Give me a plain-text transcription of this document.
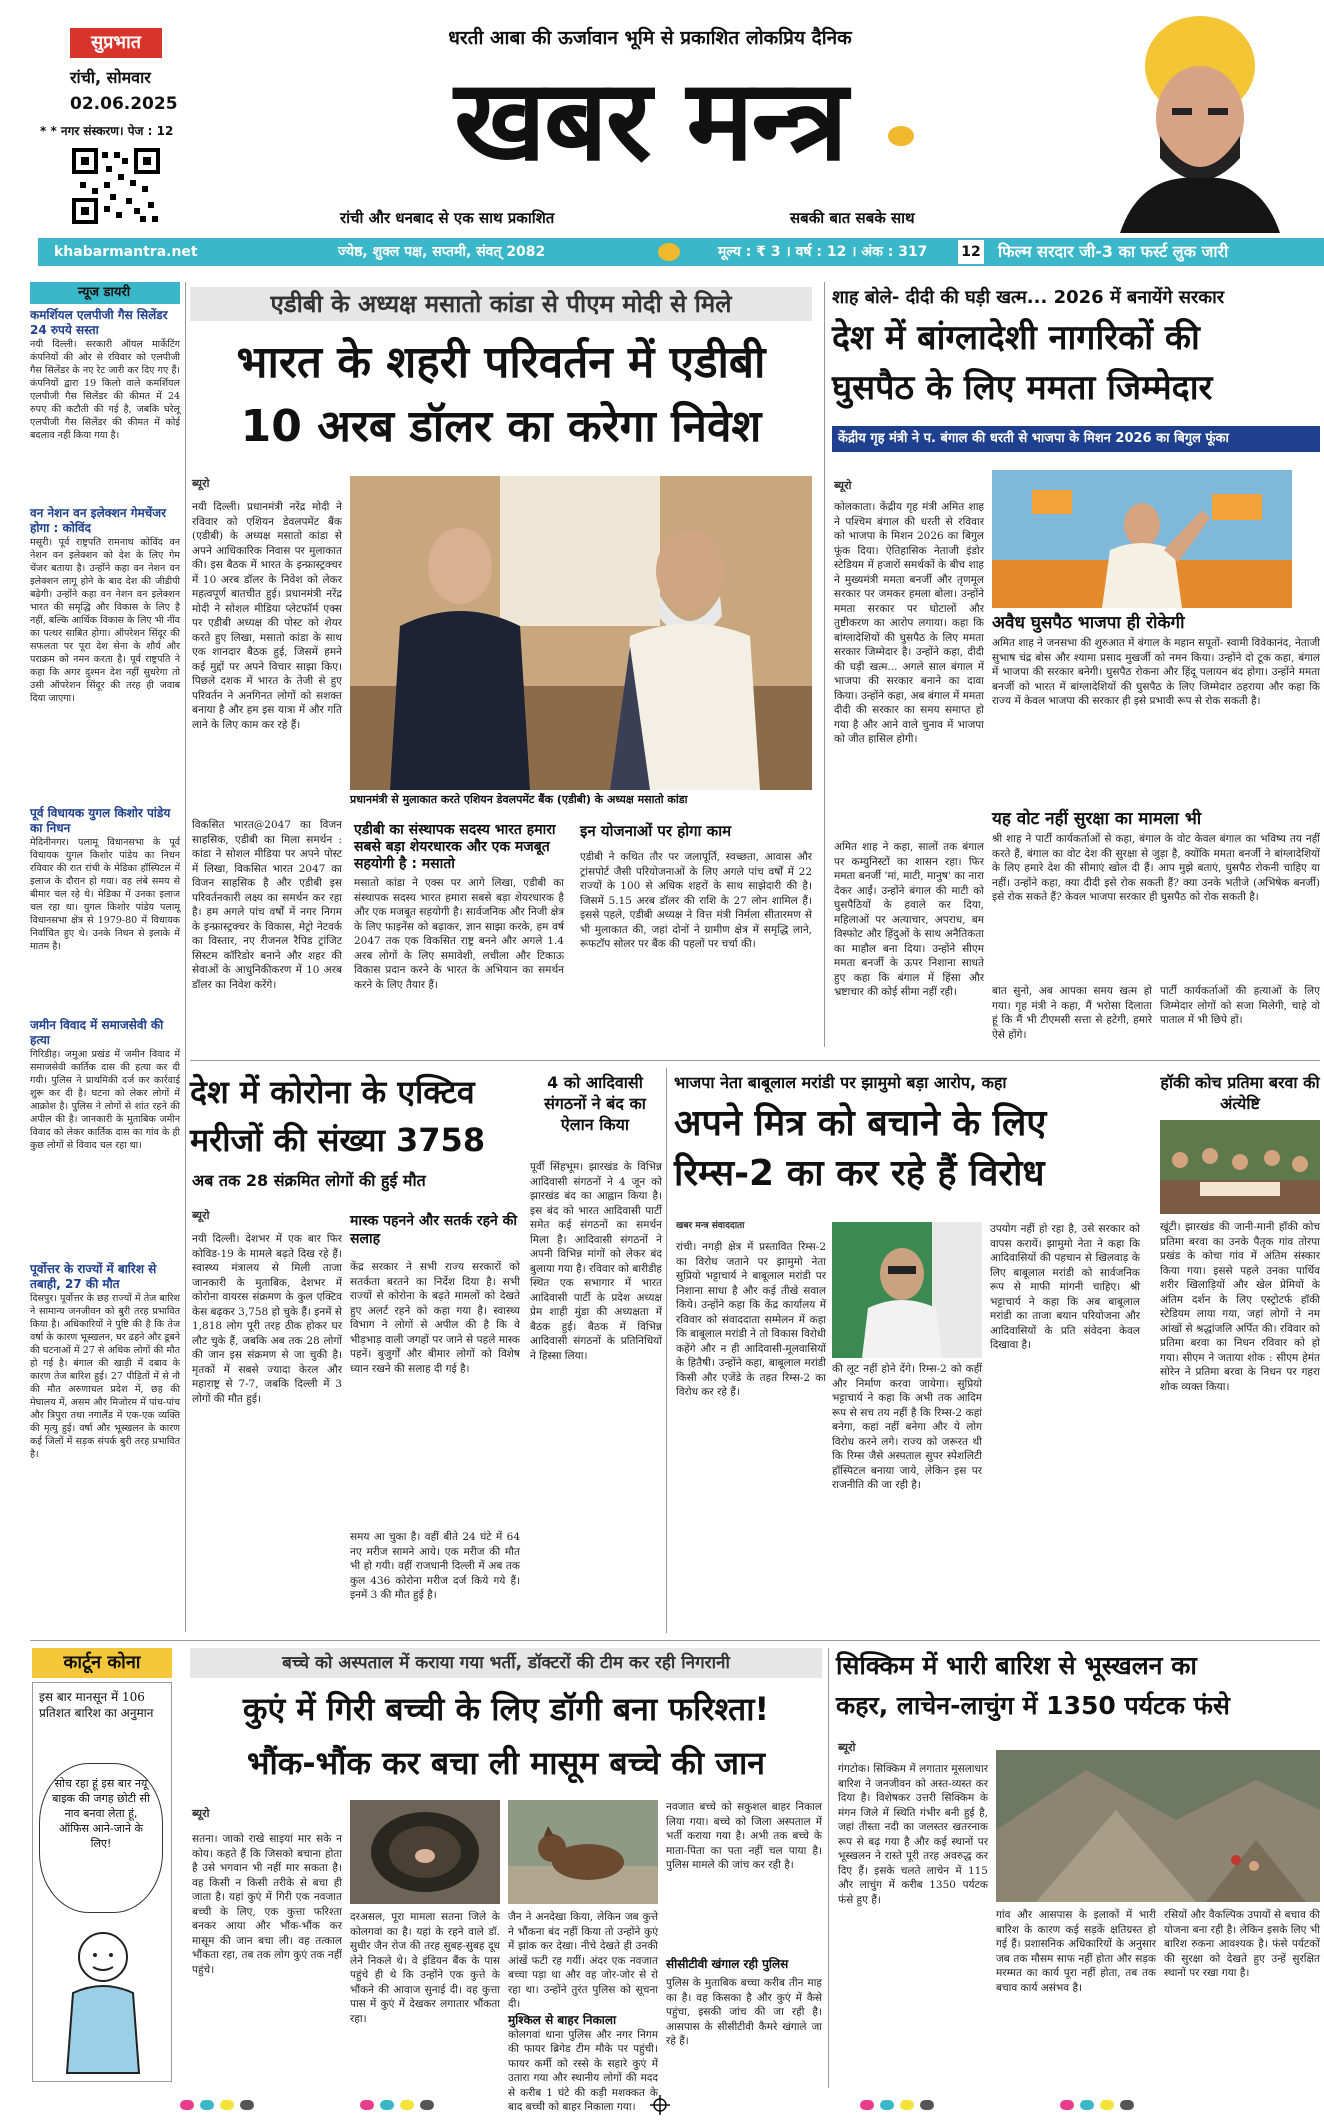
सुप्रभात
रांची, सोमवार
02.06.2025
* * नगर संस्करण। पेज : 12
धरती आबा की ऊर्जावान भूमि से प्रकाशित लोकप्रिय दैनिक
खबर मन्त्र
रांची और धनबाद से एक साथ प्रकाशित	सबकी बात सबके साथ
khabarmantra.net	ज्येष्ठ, शुक्ल पक्ष, सप्तमी, संवत् 2082	मूल्य : ₹ 3 । वर्ष : 12 । अंक : 317 12 फिल्म सरदार जी-3 का फर्स्ट लुक जारी
न्यूज डायरी
कमर्शियल एलपीजी गैस सिलेंडर 24 रुपये सस्ता
नयी दिल्ली। सरकारी ऑयल मार्केटिंग कंपनियों की ओर से रविवार को एलपीजी गैस सिलेंडर के नए रेट जारी कर दिए गए हैं। कंपनियों द्वारा 19 किलो वाले कमर्शियल एलपीजी गैस सिलेंडर की कीमत में 24 रुपए की कटौती की गई है, जबकि घरेलू एलपीजी गैस सिलेंडर की कीमत में कोई बदलाव नहीं किया गया है।
वन नेशन वन इलेक्शन गेमचेंजर होगा : कोविंद
मसूरी। पूर्व राष्ट्रपति रामनाथ कोविंद वन नेशन वन इलेक्शन को देश के लिए गेम चेंजर बताया है। उन्होंने कहा वन नेशन वन इलेक्शन लागू होने के बाद देश की जीडीपी बढ़ेगी। उन्होंने कहा वन नेशन वन इलेक्शन भारत की समृद्धि और विकास के लिए है नहीं, बल्कि आर्थिक विकास के लिए भी नींव का पत्थर साबित होगा। ऑपरेशन सिंदूर की सफलता पर पूरा देश सेना के शौर्य और पराक्रम को नमन करता है। पूर्व राष्ट्रपति ने कहा कि अगर दुश्मन देश नहीं सुधरेगा तो उसी ऑपरेशन सिंदूर की तरह ही जवाब दिया जाएगा।
पूर्व विधायक युगल किशोर पांडेय का निधन
मेदिनीनगर। पलामू विधानसभा के पूर्व विधायक युगल किशोर पांडेय का निधन रविवार की रात रांची के मेडिका हॉस्पिटल में इलाज के दौरान हो गया। वह लंबे समय से बीमार चल रहे थे। मेडिका में उनका इलाज चल रहा था। युगल किशोर पांडेय पलामू विधानसभा क्षेत्र से 1979-80 में विधायक निर्वाचित हुए थे। उनके निधन से इलाके में मातम है।
जमीन विवाद में समाजसेवी की हत्या
गिरिडीह। जमुआ प्रखंड में जमीन विवाद में समाजसेवी कार्तिक दास की हत्या कर दी गयी। पुलिस ने प्राथमिकी दर्ज कर कार्रवाई शुरू कर दी है। घटना को लेकर लोगों में आक्रोश है। पुलिस ने लोगों से शांत रहने की अपील की है। जानकारी के मुताबिक जमीन विवाद को लेकर कार्तिक दास का गांव के ही कुछ लोगों से विवाद चल रहा था।
पूर्वोत्तर के राज्यों में बारिश से तबाही, 27 की मौत
दिसपुर। पूर्वोत्तर के छह राज्यों में तेज बारिश ने सामान्य जनजीवन को बुरी तरह प्रभावित किया है। अधिकारियों ने पुष्टि की है कि तेज वर्षा के कारण भूस्खलन, घर ढहने और डूबने की घटनाओं में 27 से अधिक लोगों की मौत हो गई है। बंगाल की खाड़ी में दबाव के कारण तेज बारिश हुई। 27 पीड़ितों में से नौ की मौत अरुणाचल प्रदेश में, छह की मेघालय में, असम और मिजोरम में पांच-पांच और त्रिपुरा तथा नगालैंड में एक-एक व्यक्ति की मृत्यु हुई। वर्षा और भूस्खलन के कारण कई जिलों में सड़क संपर्क बुरी तरह प्रभावित है।
एडीबी के अध्यक्ष मसातो कांडा से पीएम मोदी से मिले
भारत के शहरी परिवर्तन में एडीबी
10 अरब डॉलर का करेगा निवेश
ब्यूरो
नयी दिल्ली। प्रधानमंत्री नरेंद्र मोदी ने रविवार को एशियन डेवलपमेंट बैंक (एडीबी) के अध्यक्ष मसातो कांडा से अपने आधिकारिक निवास पर मुलाकात की। इस बैठक में भारत के इन्फ्रास्ट्रक्चर में 10 अरब डॉलर के निवेश को लेकर महत्वपूर्ण बातचीत हुई। प्रधानमंत्री नरेंद्र मोदी ने सोशल मीडिया प्लेटफॉर्म एक्स पर एडीबी अध्यक्ष की पोस्ट को शेयर करते हुए लिखा, मसातो कांडा के साथ एक शानदार बैठक हुई, जिसमें हमने कई मुद्दों पर अपने विचार साझा किए। पिछले दशक में भारत के तेजी से हुए परिवर्तन ने अनगिनत लोगों को सशक्त बनाया है और हम इस यात्रा में और गति लाने के लिए काम कर रहे हैं।
विकसित भारत@2047 का विजन साहसिक, एडीबी का मिला समर्थन : कांडा ने सोशल मीडिया पर अपने पोस्ट में लिखा, विकसित भारत 2047 का विजन साहसिक है और एडीबी इस परिवर्तनकारी लक्ष्य का समर्थन कर रहा है। हम अगले पांच वर्षों में नगर निगम के इन्फ्रास्ट्रक्चर के विकास, मेट्रो नेटवर्क का विस्तार, नए रीजनल रैपिड ट्रांजिट सिस्टम कॉरिडोर बनाने और शहर की सेवाओं के आधुनिकीकरण में 10 अरब डॉलर का निवेश करेंगे।
प्रधानमंत्री से मुलाकात करते एशियन डेवलपमेंट बैंक (एडीबी) के अध्यक्ष मसातो कांडा
एडीबी का संस्थापक सदस्य भारत हमारा सबसे बड़ा शेयरधारक और एक मजबूत सहयोगी है : मसातो
मसातो कांडा ने एक्स पर आगे लिखा, एडीबी का संस्थापक सदस्य भारत हमारा सबसे बड़ा शेयरधारक है और एक मजबूत सहयोगी है। सार्वजनिक और निजी क्षेत्र के लिए फाइनेंस को बढ़ाकर, ज्ञान साझा करके, हम वर्ष 2047 तक एक विकसित राष्ट्र बनने और अगले 1.4 अरब लोगों के लिए समावेशी, लचीला और टिकाऊ विकास प्रदान करने के भारत के अभियान का समर्थन करने के लिए तैयार हैं।
इन योजनाओं पर होगा काम
एडीबी ने कथित तौर पर जलापूर्ति, स्वच्छता, आवास और ट्रांसपोर्ट जैसी परियोजनाओं के लिए अगले पांच वर्षों में 22 राज्यों के 100 से अधिक शहरों के साथ साझेदारी की है। जिसमें 5.15 अरब डॉलर की राशि के 27 लोन शामिल हैं। इससे पहले, एडीबी अध्यक्ष ने वित्त मंत्री निर्मला सीतारमण से भी मुलाकात की, जहां दोनों ने ग्रामीण क्षेत्र में समृद्धि लाने, रूफटॉप सोलर पर बैंक की पहलों पर चर्चा की।
शाह बोले- दीदी की घड़ी खत्म... 2026 में बनायेंगे सरकार
देश में बांग्लादेशी नागरिकों की
घुसपैठ के लिए ममता जिम्मेदार
केंद्रीय गृह मंत्री ने प. बंगाल की धरती से भाजपा के मिशन 2026 का बिगुल फूंका
ब्यूरो
कोलकाता। केंद्रीय गृह मंत्री अमित शाह ने पश्चिम बंगाल की धरती से रविवार को भाजपा के मिशन 2026 का बिगुल फूंक दिया। ऐतिहासिक नेताजी इंडोर स्टेडियम में हजारों समर्थकों के बीच शाह ने मुख्यमंत्री ममता बनर्जी और तृणमूल सरकार पर जमकर हमला बोला। उन्होंने ममता सरकार पर घोटालों और तुष्टीकरण का आरोप लगाया। कहा कि बांग्लादेशियों की घुसपैठ के लिए ममता सरकार जिम्मेदार है। उन्होंने कहा, दीदी की घड़ी खत्म... अगले साल बंगाल में भाजपा की सरकार बनाने का दावा किया। उन्होंने कहा, अब बंगाल में ममता दीदी की सरकार का समय समाप्त हो गया है और आने वाले चुनाव में भाजपा को जीत हासिल होगी।
अमित शाह ने कहा, सालों तक बंगाल पर कम्युनिस्टों का शासन रहा। फिर ममता बनर्जी 'मां, माटी, मानुष' का नारा देकर आईं। उन्होंने बंगाल की माटी को घुसपैठियों के हवाले कर दिया, महिलाओं पर अत्याचार, अपराध, बम विस्फोट और हिंदुओं के साथ अनैतिकता का माहौल बना दिया। उन्होंने सीएम ममता बनर्जी के ऊपर निशाना साधते हुए कहा कि बंगाल में हिंसा और भ्रष्टाचार की कोई सीमा नहीं रही।
अवैध घुसपैठ भाजपा ही रोकेगी
अमित शाह ने जनसभा की शुरुआत में बंगाल के महान सपूतों- स्वामी विवेकानंद, नेताजी सुभाष चंद्र बोस और श्यामा प्रसाद मुखर्जी को नमन किया। उन्होंने दो टूक कहा, बंगाल में भाजपा की सरकार बनेगी। घुसपैठ रोकना और हिंदू पलायन बंद होगा। उन्होंने ममता बनर्जी को भारत में बांग्लादेशियों की घुसपैठ के लिए जिम्मेदार ठहराया और कहा कि राज्य में केवल भाजपा की सरकार ही इसे प्रभावी रूप से रोक सकती है।
यह वोट नहीं सुरक्षा का मामला भी
श्री शाह ने पार्टी कार्यकर्ताओं से कहा, बंगाल के वोट केवल बंगाल का भविष्य तय नहीं करते हैं, बंगाल का वोट देश की सुरक्षा से जुड़ा है, क्योंकि ममता बनर्जी ने बांग्लादेशियों के लिए हमारे देश की सीमाएं खोल दी हैं। आप मुझे बताएं, घुसपैठ रोकनी चाहिए या नहीं। उन्होंने कहा, क्या दीदी इसे रोक सकती हैं? क्या उनके भतीजे (अभिषेक बनर्जी) इसे रोक सकते हैं? केवल भाजपा सरकार ही घुसपैठ को रोक सकती है।
बात सुनो, अब आपका समय खत्म हो गया। गृह मंत्री ने कहा, मैं भरोसा दिलाता हूं कि मैं भी टीएमसी सत्ता से हटेगी, हमारे ऐसे होंगे।
पार्टी कार्यकर्ताओं की हत्याओं के लिए जिम्मेदार लोगों को सजा मिलेगी, चाहे वो पाताल में भी छिपे हों।
देश में कोरोना के एक्टिव
मरीजों की संख्या 3758
अब तक 28 संक्रमित लोगों की हुई मौत
ब्यूरो
नयी दिल्ली। देशभर में एक बार फिर कोविड-19 के मामले बढ़ते दिख रहे हैं। स्वास्थ्य मंत्रालय से मिली ताजा जानकारी के मुताबिक, देशभर में कोरोना वायरस संक्रमण के कुल एक्टिव केस बढ़कर 3,758 हो चुके हैं। इनमें से 1,818 लोग पूरी तरह ठीक होकर घर लौट चुके हैं, जबकि अब तक 28 लोगों की जान इस संक्रमण से जा चुकी है। मृतकों में सबसे ज्यादा केरल और महाराष्ट्र से 7-7, जबकि दिल्ली में 3 लोगों की मौत हुई।
मास्क पहनने और सतर्क रहने की सलाह
केंद्र सरकार ने सभी राज्य सरकारों को सतर्कता बरतने का निर्देश दिया है। सभी राज्यों से कोरोना के बढ़ते मामलों को देखते हुए अलर्ट रहने को कहा गया है। स्वास्थ्य विभाग ने लोगों से अपील की है कि वे भीड़भाड़ वाली जगहों पर जाने से पहले मास्क पहनें। बुजुर्गों और बीमार लोगों को विशेष ध्यान रखने की सलाह दी गई है।
समय आ चुका है। वहीं बीते 24 घंटे में 64 नए मरीज सामने आये। एक मरीज की मौत भी हो गयी। वहीं राजधानी दिल्ली में अब तक कुल 436 कोरोना मरीज दर्ज किये गये हैं। इनमें 3 की मौत हुई है।
4 को आदिवासी संगठनों ने बंद का ऐलान किया
पूर्वी सिंहभूम। झारखंड के विभिन्न आदिवासी संगठनों ने 4 जून को झारखंड बंद का आह्वान किया है। इस बंद को भारत आदिवासी पार्टी समेत कई संगठनों का समर्थन मिला है। आदिवासी संगठनों ने अपनी विभिन्न मांगों को लेकर बंद बुलाया गया है। रविवार को बारीडीह स्थित एक सभागार में भारत आदिवासी पार्टी के प्रदेश अध्यक्ष प्रेम शाही मुंडा की अध्यक्षता में बैठक हुई। बैठक में विभिन्न आदिवासी संगठनों के प्रतिनिधियों ने हिस्सा लिया।
भाजपा नेता बाबूलाल मरांडी पर झामुमो बड़ा आरोप, कहा
अपने मित्र को बचाने के लिए
रिम्स-2 का कर रहे हैं विरोध
खबर मन्त्र संवाददाता
रांची। नगड़ी क्षेत्र में प्रस्तावित रिम्स-2 का विरोध जताने पर झामुमो नेता सुप्रियो भट्टाचार्य ने बाबूलाल मरांडी पर निशाना साधा है और कई तीखे सवाल किये। उन्होंने कहा कि केंद्र कार्यालय में रविवार को संवाददाता सम्मेलन में कहा कि बाबूलाल मरांडी ने तो विकास विरोधी कहेंगे और न ही आदिवासी-मूलवासियों के हितैषी। उन्होंने कहा, बाबूलाल मरांडी किसी और एजेंडे के तहत रिम्स-2 का विरोध कर रहे हैं।
की लूट नहीं होने देंगे। रिम्स-2 को कहीं और निर्माण करवा जायेगा। सुप्रियो भट्टाचार्य ने कहा कि अभी तक आदिम रूप से सच तय नहीं है कि रिम्स-2 कहां बनेगा, कहां नहीं बनेगा और ये लोग विरोध करने लगे। राज्य को जरूरत थी कि रिम्स जैसे अस्पताल सुपर स्पेशलिटी हॉस्पिटल बनाया जाये, लेकिन इस पर राजनीति की जा रही है।
उपयोग नहीं हो रहा है, उसे सरकार को वापस करायें। झामुमो नेता ने कहा कि आदिवासियों की पहचान से खिलवाड़ के लिए बाबूलाल मरांडी को सार्वजनिक रूप से माफी मांगनी चाहिए। श्री भट्टाचार्य ने कहा कि अब बाबूलाल मरांडी का ताजा बयान परियोजना और आदिवासियों के प्रति संवेदना केवल दिखावा है।
हॉकी कोच प्रतिमा बरवा की अंत्येष्टि
खूंटी। झारखंड की जानी-मानी हॉकी कोच प्रतिमा बरवा का उनके पैतृक गांव तोरपा प्रखंड के कोचा गांव में अंतिम संस्कार किया गया। इससे पहले उनका पार्थिव शरीर खिलाड़ियों और खेल प्रेमियों के अंतिम दर्शन के लिए एस्ट्रोटर्फ हॉकी स्टेडियम लाया गया, जहां लोगों ने नम आंखों से श्रद्धांजलि अर्पित की। रविवार को प्रतिमा बरवा का निधन रविवार को हो गया। सीएम ने जताया शोक : सीएम हेमंत सोरेन ने प्रतिमा बरवा के निधन पर गहरा शोक व्यक्त किया।
कार्टून कोना
इस बार मानसून में 106 प्रतिशत बारिश का अनुमान
सोच रहा हूं इस बार नयू बाइक की जगह छोटी सी नाव बनवा लेता हूं, ऑफिस आने-जाने के लिए!
बच्चे को अस्पताल में कराया गया भर्ती, डॉक्टरों की टीम कर रही निगरानी
कुएं में गिरी बच्ची के लिए डॉगी बना फरिश्ता!
भौंक-भौंक कर बचा ली मासूम बच्चे की जान
ब्यूरो
सतना। जाको राखे साइयां मार सके न कोय। कहते हैं कि जिसको बचाना होता है उसे भगवान भी नहीं मार सकता है। वह किसी न किसी तरीके से बचा ही जाता है। यहां कुएं में गिरी एक नवजात बच्ची के लिए, एक कुत्ता फरिश्ता बनकर आया और भौंक-भौंक कर मासूम की जान बचा ली। वह तत्काल भौंकता रहा, तब तक लोग कुएं तक नहीं पहुंचे।
दरअसल, पूरा मामला सतना जिले के कोलगवां का है। यहां के रहने वाले डॉ. सुधीर जैन रोज की तरह सुबह-सुबह दूध लेने निकले थे। वे इंडियन बैंक के पास पहुंचे ही थे कि उन्होंने एक कुत्ते के भौंकने की आवाज सुनाई दी। वह कुत्ता पास में कुएं में देखकर लगातार भौंकता रहा।
जैन ने अनदेखा किया, लेकिन जब कुत्ते ने भौंकना बंद नहीं किया तो उन्होंने कुएं में झांक कर देखा। नीचे देखते ही उनकी आंखें फटी रह गयीं। अंदर एक नवजात बच्चा पड़ा था और वह जोर-जोर से रो रहा था। उन्होंने तुरंत पुलिस को सूचना दी।
मुश्किल से बाहर निकाला
कोलगवां थाना पुलिस और नगर निगम की फायर ब्रिगेड टीम मौके पर पहुंची। फायर कर्मी को रस्से के सहारे कुएं में उतारा गया और स्थानीय लोगों की मदद से करीब 1 घंटे की कड़ी मशक्कत के बाद बच्ची को बाहर निकाला गया।
नवजात बच्चे को सकुशल बाहर निकाल लिया गया। बच्चे को जिला अस्पताल में भर्ती कराया गया है। अभी तक बच्चे के माता-पिता का पता नहीं चल पाया है। पुलिस मामले की जांच कर रही है।
सीसीटीवी खंगाल रही पुलिस
पुलिस के मुताबिक बच्चा करीब तीन माह का है। वह किसका है और कुएं में कैसे पहुंचा, इसकी जांच की जा रही है। आसपास के सीसीटीवी कैमरे खंगाले जा रहे हैं।
सिक्किम में भारी बारिश से भूस्खलन का
कहर, लाचेन-लाचुंग में 1350 पर्यटक फंसे
ब्यूरो
गंगटोक। सिक्किम में लगातार मूसलाधार बारिश ने जनजीवन को अस्त-व्यस्त कर दिया है। विशेषकर उत्तरी सिक्किम के मंगन जिले में स्थिति गंभीर बनी हुई है, जहां तीस्ता नदी का जलस्तर खतरनाक रूप से बढ़ गया है और कई स्थानों पर भूस्खलन ने रास्ते पूरी तरह अवरुद्ध कर दिए हैं। इसके चलते लाचेन में 115 और लाचुंग में करीब 1350 पर्यटक फंसे हुए हैं।
गांव और आसपास के इलाकों में भारी बारिश के कारण कई सड़कें क्षतिग्रस्त हो गई हैं। प्रशासनिक अधिकारियों के अनुसार जब तक मौसम साफ नहीं होता और सड़क मरम्मत का कार्य पूरा नहीं होता, तब तक बचाव कार्य असंभव है।
रसियों और वैकल्पिक उपायों से बचाव की योजना बना रही है। लेकिन इसके लिए भी बारिश रुकना आवश्यक है। फंसे पर्यटकों की सुरक्षा को देखते हुए उन्हें सुरक्षित स्थानों पर रखा गया है।
